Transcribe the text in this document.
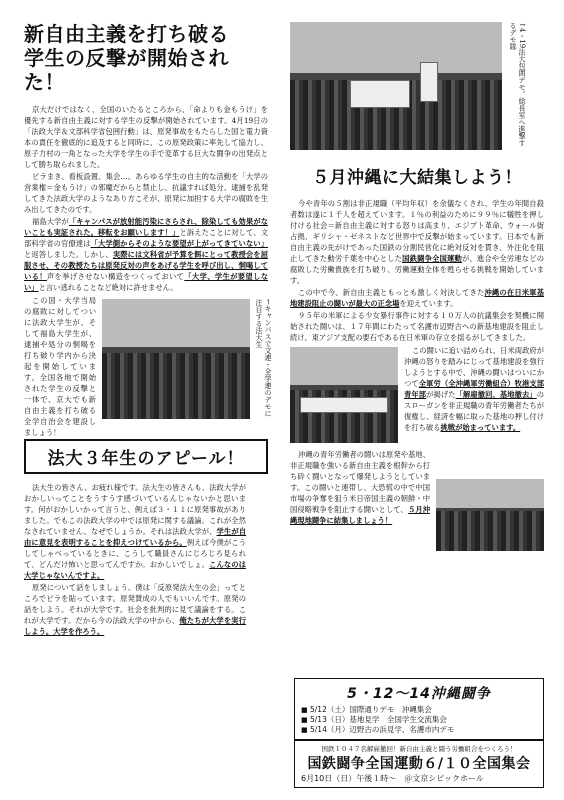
新自由主義を打ち破る
学生の反撃が開始された！

京大だけではなく、全国のいたるところから、「命よりも金もうけ」を優先する新自由主義に対する学生の反撃が開始されています。4月19日の「法政大学＆文部科学省包囲行動」は、原発事故をもたらした国と電力資本の責任を徹底的に追及すると同時に、この原発政策に率先して協力し、原子力村の一角となった大学を学生の手で変革する巨大な闘争の出発点として勝ち取られました。

ビラまき、看板設置、集会…。あらゆる学生の自主的な活動を「大学の営業権＝金もうけ」の邪魔だからと禁止し、抗議すれば処分、逮捕を乱発してきた法政大学のようなあり方こそが、原発に加担する大学の腐敗を生み出してきたのです。

福島大学が「キャンパスが放射能汚染にさらされ、除染しても効果がないことも実証された。移転をお願いします！」と訴えたことに対して、文部科学省の官僚達は「大学側からそのような要望が上がってきていない」と返答しました。しかし、実際には文科省が予算を餌にとって教授会を屈服させ、その教授たちは原発反対の声をあげる学生を呼び出し、恫喝している！声を挙げさせない構造をつくっておいて「大学、学生が要望しない」と言い逃れることなど絶対に許せません。

この国・大学当局の腐敗に対してついに法政大学生が、そして福島大学生が、逮捕や処分の恫喝を打ち破り学内から決起を開始しています。全国各地で開始された学生の反撃と一体で、京大でも新自由主義を打ち破る全学自治会を建設しましょう！
←キャンパスで文連・全学連のデモに注目する法大生
法大３年生のアピール！

法大生の皆さん、お疲れ様です。法大生の皆さんも、法政大学がおかしいってことをうすうす感づいているんじゃないかと思います。何がおかしいかって言うと、例えば３・１１に原発事故がありました。でもこの法政大学の中では原発に関する議論、これが全然なされていません。なぜでしょうか。それは法政大学が、学生が自由に意見を表明することを抑えつけているから。例えば今僕がこうしてしゃべっているときに、こうして職員さんにじろじろ見られて、どんだけ怖いと思ってんですか。おかしいでしょ。こんなのは大学じゃないんですよ。

原発について話をしましょう。僕は「反原発法大生の会」ってところでビラを貼っています。原発賛成の人でもいいんです。原発の話をしよう。それが大学です。社会を批判的に見て議論をする。これが大学です。だから今の法政大学の中から、俺たちが大学を実行しよう。大学を作ろう。

↑4・19法大包囲デモ。総長室へ進撃するデモ隊
５月沖縄に大結集しよう！

今や青年の５割は非正規職（平均年収）を余儀なくされ、学生の年間自殺者数は遂に１千人を超えています。１％の利益のために９９％に犠牲を押し付ける社会＝新自由主義に対する怒りは高まり、エジプト革命、ウォール街占拠、ギリシャ・ゼネストなど世界中で反撃が始まっています。日本でも新自由主義の先がけであった国鉄の分割民営化に絶対反対を貫き、外注化を阻止してきた動労千葉を中心とした国鉄闘争全国運動が、進合や全労連などの腐敗した労働貴族を打ち破り、労働運動全体を甦らせる挑戦を開始しています。

この中で今、新自由主義ともっとも激しく対決してきた沖縄の在日米軍基地建設阻止の闘いが最大の正念場を迎えています。

９５年の米軍による少女暴行事件に対する１０万人の抗議集会を契機に開始された闘いは、１７年間にわたって名護市辺野古への新基地建設を阻止し続け、東アジア支配の要石である在日米軍の存立を揺るがしてきました。

この闘いに追い詰められ、日米両政府が沖縄の怒りを踏みにじって基地建設を強行しようとする中で、沖縄の闘いはついにかつて全軍労（全沖縄軍労働組合）牧港支部青年部が掲げた「解雇撤回、基地撤去」のスローガンを非正規職の青年労働者たちが復権し、経済を幅に取った基地の押し付けを打ち破る挑戦が始まっています。
沖縄の青年労働者の闘いは原発や基地、非正規職を強いる新自由主義を根幹から打ち砕く闘いとなって爆発しようとしています。この闘いと連帯し、大恐慌の中で中国市場の争奪を狙う米日帝国主義の朝鮮・中国侵略戦争を阻止する闘いとして、５月沖縄現地闘争に結集しましょう！
5・12〜14沖縄闘争
■ 5/12（土）国際通りデモ　沖縄集会
■ 5/13（日）基地見学　全国学生交流集会
■ 5/14（月）辺野古の浜見学、名護市内デモ
国鉄１０４７名解雇撤回！新自由主義と闘う労働組合をつくろう！
国鉄闘争全国運動６/１０全国集会
6月10日（日）午後１時〜　＠文京シビックホール
